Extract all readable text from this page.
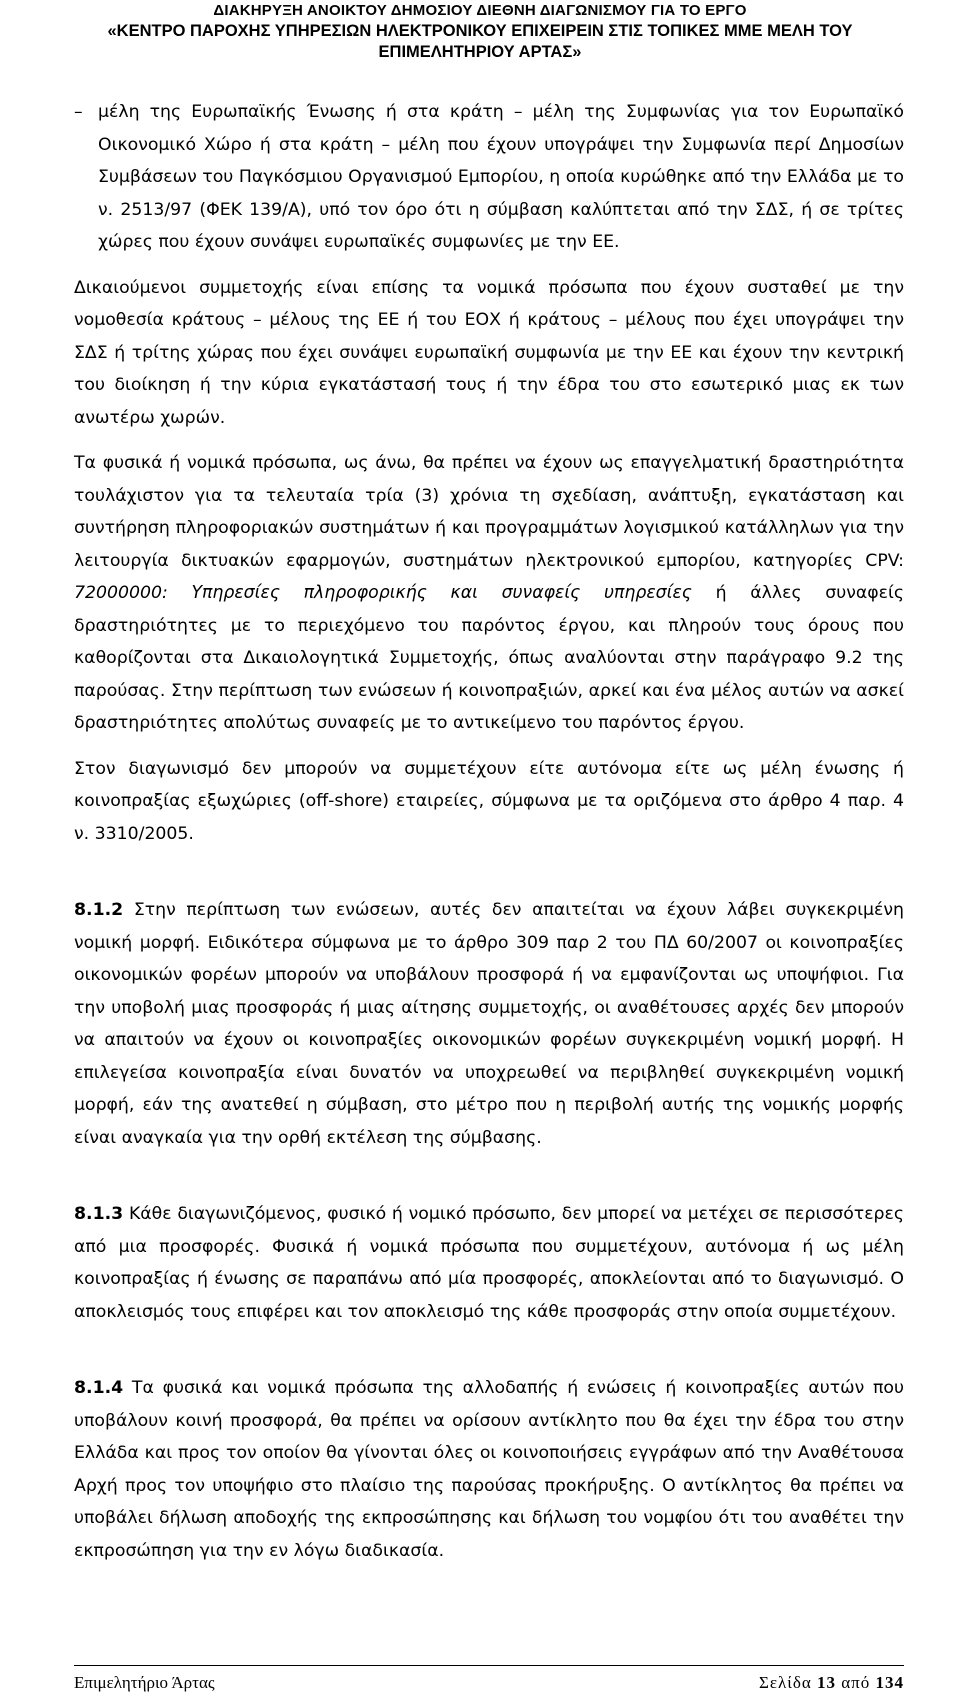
ΔΙΑΚΗΡΥΞΗ ΑΝΟΙΚΤΟΥ ΔΗΜΟΣΙΟΥ ΔΙΕΘΝΗ ΔΙΑΓΩΝΙΣΜΟΥ ΓΙΑ ΤΟ ΕΡΓΟ
«ΚΕΝΤΡΟ ΠΑΡΟΧΗΣ ΥΠΗΡΕΣΙΩΝ ΗΛΕΚΤΡΟΝΙΚΟΥ ΕΠΙΧΕΙΡΕΙΝ ΣΤΙΣ ΤΟΠΙΚΕΣ ΜΜΕ ΜΕΛΗ ΤΟΥ
ΕΠΙΜΕΛΗΤΗΡΙΟΥ ΑΡΤΑΣ»

– μέλη της Ευρωπαϊκής Ένωσης ή στα κράτη – μέλη της Συμφωνίας για τον Ευρωπαϊκό Οικονομικό Χώρο ή στα κράτη – μέλη που έχουν υπογράψει την Συμφωνία περί Δημοσίων Συμβάσεων του Παγκόσμιου Οργανισμού Εμπορίου, η οποία κυρώθηκε από την Ελλάδα με το ν. 2513/97 (ΦΕΚ 139/Α), υπό τον όρο ότι η σύμβαση καλύπτεται από την ΣΔΣ, ή σε τρίτες χώρες που έχουν συνάψει ευρωπαϊκές συμφωνίες με την ΕΕ.

Δικαιούμενοι συμμετοχής είναι επίσης τα νομικά πρόσωπα που έχουν συσταθεί με την νομοθεσία κράτους – μέλους της ΕΕ ή του ΕΟΧ ή κράτους – μέλους που έχει υπογράψει την ΣΔΣ ή τρίτης χώρας που έχει συνάψει ευρωπαϊκή συμφωνία με την ΕΕ και έχουν την κεντρική του διοίκηση ή την κύρια εγκατάστασή τους ή την έδρα του στο εσωτερικό μιας εκ των ανωτέρω χωρών.

Τα φυσικά ή νομικά πρόσωπα, ως άνω, θα πρέπει να έχουν ως επαγγελματική δραστηριότητα τουλάχιστον για τα τελευταία τρία (3) χρόνια τη σχεδίαση, ανάπτυξη, εγκατάσταση και συντήρηση πληροφοριακών συστημάτων ή και προγραμμάτων λογισμικού κατάλληλων για την λειτουργία δικτυακών εφαρμογών, συστημάτων ηλεκτρονικού εμπορίου, κατηγορίες CPV: 72000000: Υπηρεσίες πληροφορικής και συναφείς υπηρεσίες ή άλλες συναφείς δραστηριότητες με το περιεχόμενο του παρόντος έργου, και πληρούν τους όρους που καθορίζονται στα Δικαιολογητικά Συμμετοχής, όπως αναλύονται στην παράγραφο 9.2 της παρούσας. Στην περίπτωση των ενώσεων ή κοινοπραξιών, αρκεί και ένα μέλος αυτών να ασκεί δραστηριότητες απολύτως συναφείς με το αντικείμενο του παρόντος έργου.

Στον διαγωνισμό δεν μπορούν να συμμετέχουν είτε αυτόνομα είτε ως μέλη ένωσης ή κοινοπραξίας εξωχώριες (off-shore) εταιρείες, σύμφωνα με τα οριζόμενα στο άρθρο 4 παρ. 4 ν. 3310/2005.

8.1.2 Στην περίπτωση των ενώσεων, αυτές δεν απαιτείται να έχουν λάβει συγκεκριμένη νομική μορφή. Ειδικότερα σύμφωνα με το άρθρο 309 παρ 2 του ΠΔ 60/2007 οι κοινοπραξίες οικονομικών φορέων μπορούν να υποβάλουν προσφορά ή να εμφανίζονται ως υποψήφιοι. Για την υποβολή μιας προσφοράς ή μιας αίτησης συμμετοχής, οι αναθέτουσες αρχές δεν μπορούν να απαιτούν να έχουν οι κοινοπραξίες οικονομικών φορέων συγκεκριμένη νομική μορφή. Η επιλεγείσα κοινοπραξία είναι δυνατόν να υποχρεωθεί να περιβληθεί συγκεκριμένη νομική μορφή, εάν της ανατεθεί η σύμβαση, στο μέτρο που η περιβολή αυτής της νομικής μορφής είναι αναγκαία για την ορθή εκτέλεση της σύμβασης.

8.1.3 Κάθε διαγωνιζόμενος, φυσικό ή νομικό πρόσωπο, δεν μπορεί να μετέχει σε περισσότερες από μια προσφορές. Φυσικά ή νομικά πρόσωπα που συμμετέχουν, αυτόνομα ή ως μέλη κοινοπραξίας ή ένωσης σε παραπάνω από μία προσφορές, αποκλείονται από το διαγωνισμό. Ο αποκλεισμός τους επιφέρει και τον αποκλεισμό της κάθε προσφοράς στην οποία συμμετέχουν.

8.1.4 Τα φυσικά και νομικά πρόσωπα της αλλοδαπής ή ενώσεις ή κοινοπραξίες αυτών που υποβάλουν κοινή προσφορά, θα πρέπει να ορίσουν αντίκλητο που θα έχει την έδρα του στην Ελλάδα και προς τον οποίον θα γίνονται όλες οι κοινοποιήσεις εγγράφων από την Αναθέτουσα Αρχή προς τον υποψήφιο στο πλαίσιο της παρούσας προκήρυξης. Ο αντίκλητος θα πρέπει να υποβάλει δήλωση αποδοχής της εκπροσώπησης και δήλωση του νομφίου ότι του αναθέτει την εκπροσώπηση για την εν λόγω διαδικασία.

Επιμελητήριο Άρτας	Σελίδα 13 από 134
